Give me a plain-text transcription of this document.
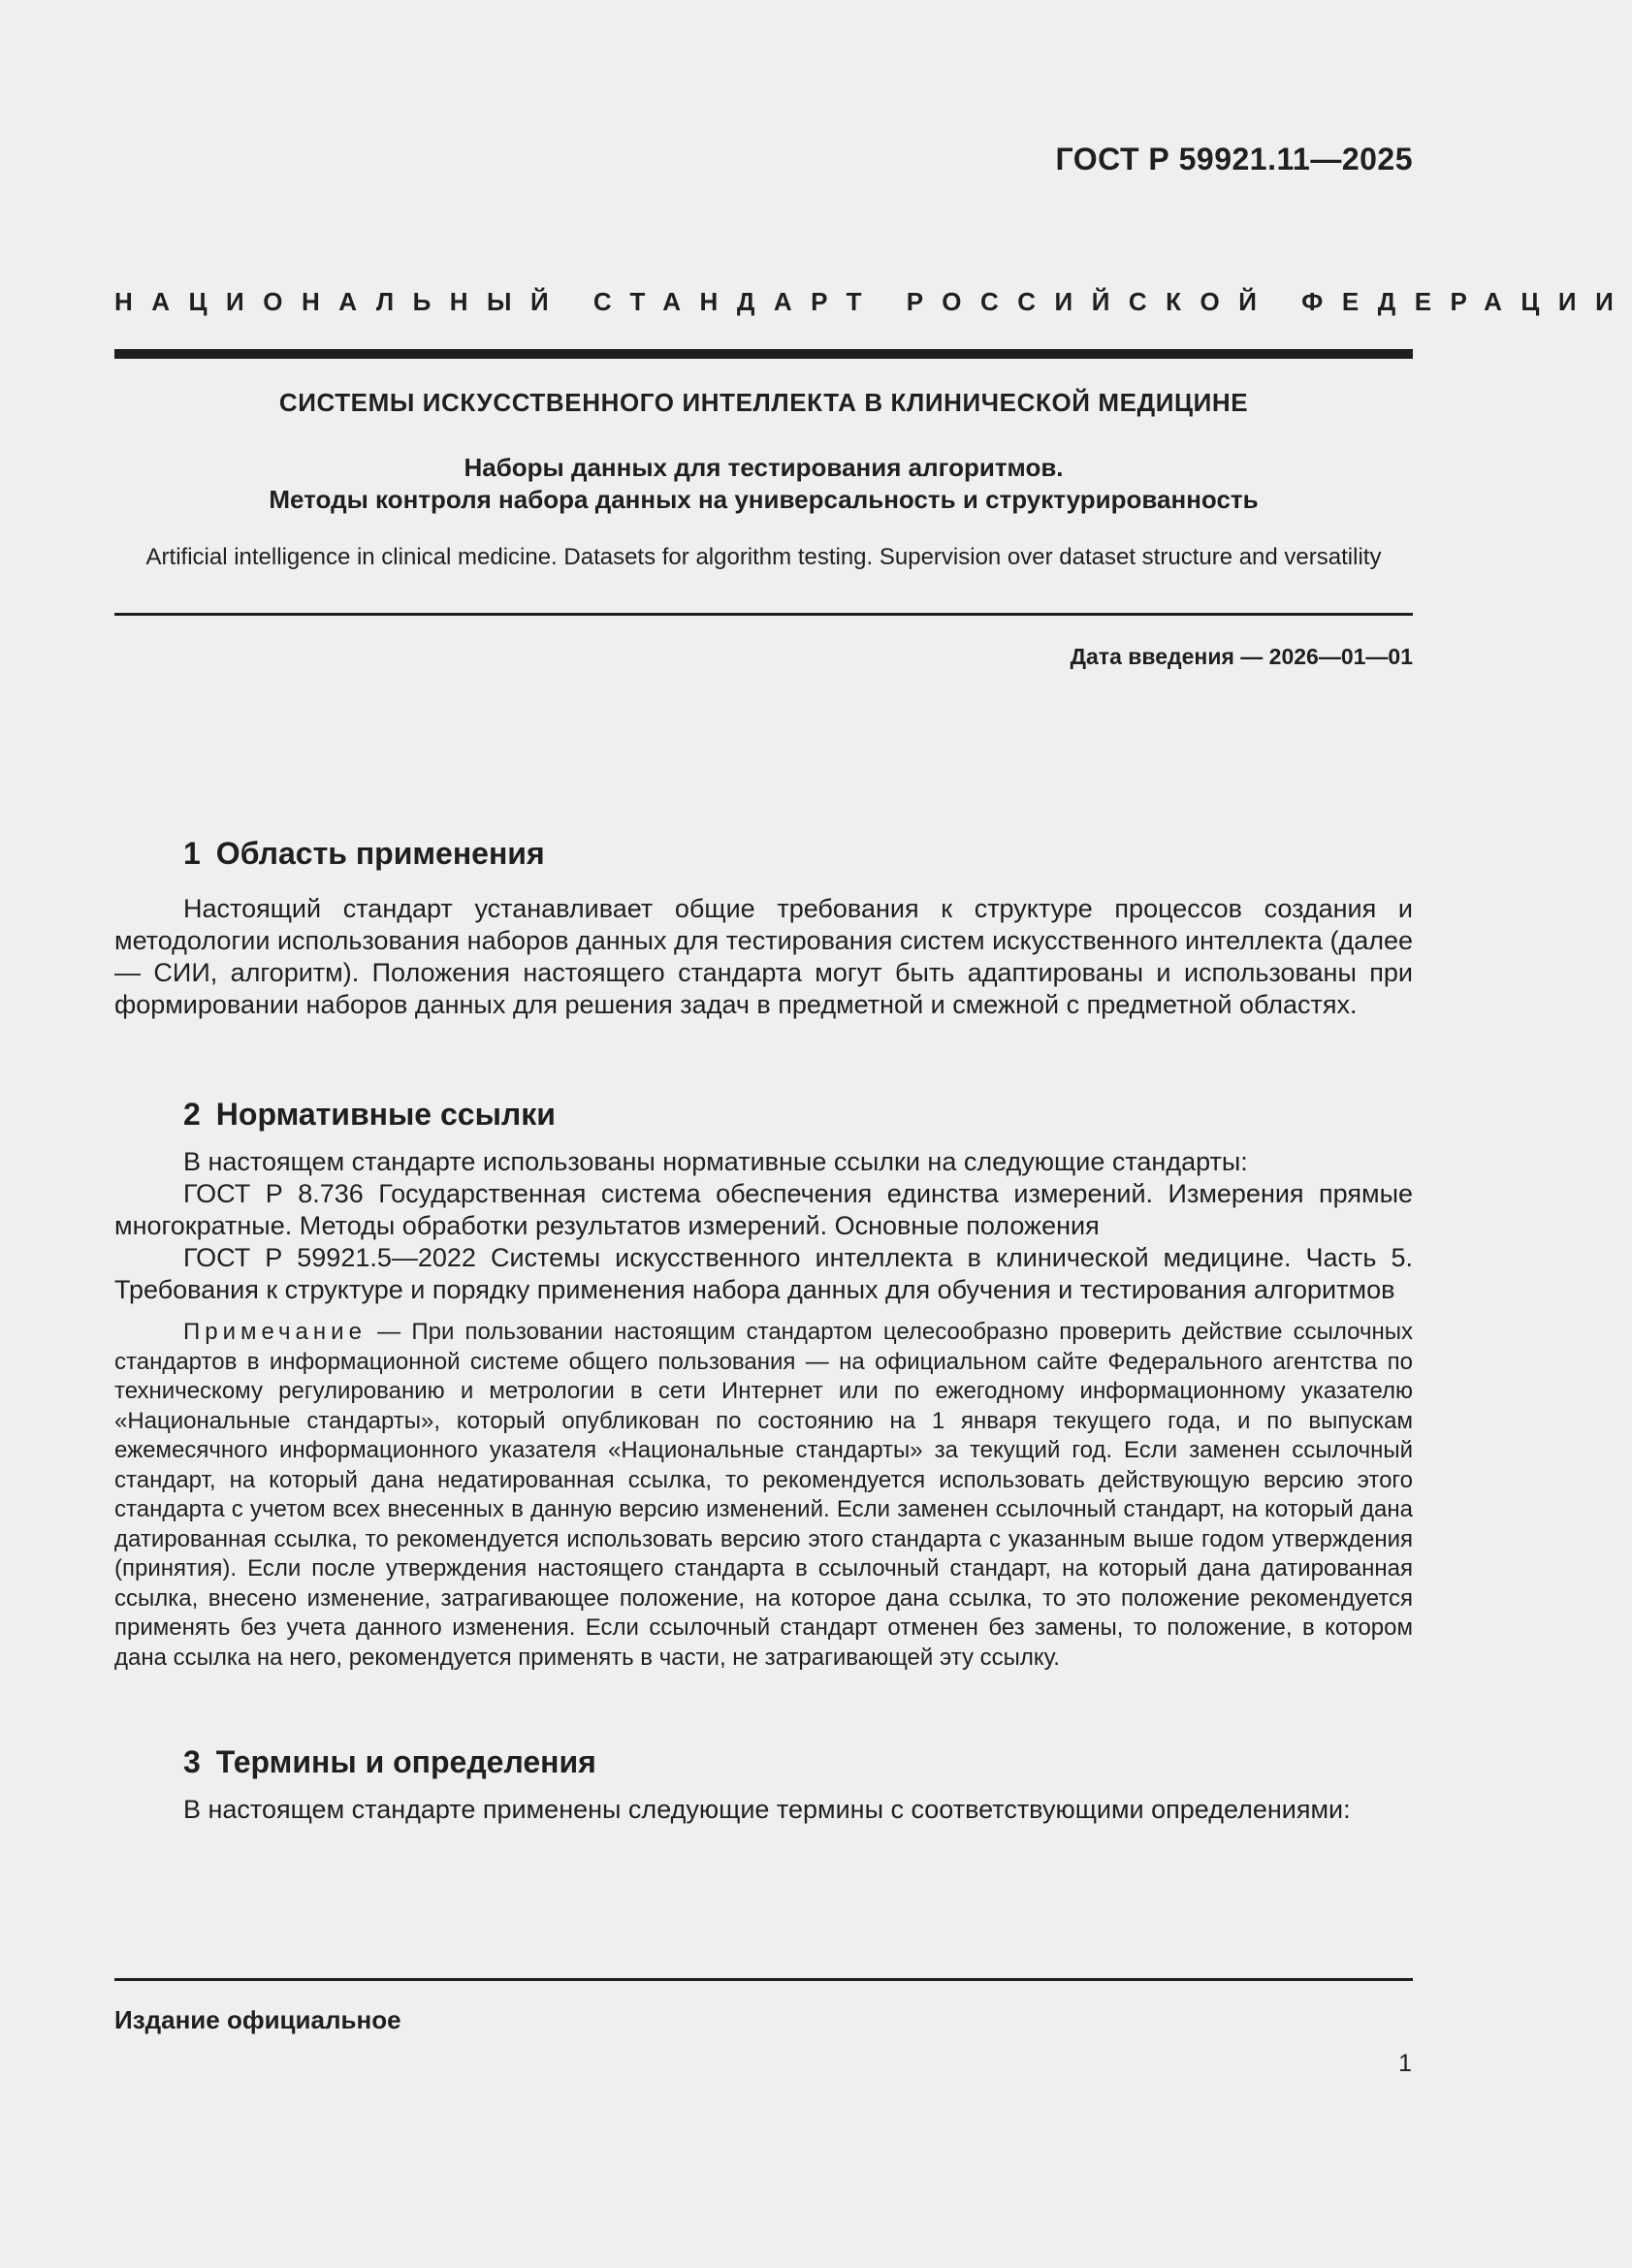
ГОСТ Р 59921.11—2025
НАЦИОНАЛЬНЫЙ СТАНДАРТ РОССИЙСКОЙ ФЕДЕРАЦИИ
СИСТЕМЫ ИСКУССТВЕННОГО ИНТЕЛЛЕКТА В КЛИНИЧЕСКОЙ МЕДИЦИНЕ
Наборы данных для тестирования алгоритмов.
Методы контроля набора данных на универсальность и структурированность
Artificial intelligence in clinical medicine. Datasets for algorithm testing. Supervision over dataset structure and versatility
Дата введения — 2026—01—01
1 Область применения

Настоящий стандарт устанавливает общие требования к структуре процессов создания и методологии использования наборов данных для тестирования систем искусственного интеллекта (далее — СИИ, алгоритм). Положения настоящего стандарта могут быть адаптированы и использованы при формировании наборов данных для решения задач в предметной и смежной с предметной областях.

2 Нормативные ссылки

В настоящем стандарте использованы нормативные ссылки на следующие стандарты:

ГОСТ Р 8.736 Государственная система обеспечения единства измерений. Измерения прямые многократные. Методы обработки результатов измерений. Основные положения

ГОСТ Р 59921.5—2022 Системы искусственного интеллекта в клинической медицине. Часть 5. Требования к структуре и порядку применения набора данных для обучения и тестирования алгоритмов

Примечание — При пользовании настоящим стандартом целесообразно проверить действие ссылочных стандартов в информационной системе общего пользования — на официальном сайте Федерального агентства по техническому регулированию и метрологии в сети Интернет или по ежегодному информационному указателю «Национальные стандарты», который опубликован по состоянию на 1 января текущего года, и по выпускам ежемесячного информационного указателя «Национальные стандарты» за текущий год. Если заменен ссылочный стандарт, на который дана недатированная ссылка, то рекомендуется использовать действующую версию этого стандарта с учетом всех внесенных в данную версию изменений. Если заменен ссылочный стандарт, на который дана датированная ссылка, то рекомендуется использовать версию этого стандарта с указанным выше годом утверждения (принятия). Если после утверждения настоящего стандарта в ссылочный стандарт, на который дана датированная ссылка, внесено изменение, затрагивающее положение, на которое дана ссылка, то это положение рекомендуется применять без учета данного изменения. Если ссылочный стандарт отменен без замены, то положение, в котором дана ссылка на него, рекомендуется применять в части, не затрагивающей эту ссылку.

3 Термины и определения

В настоящем стандарте применены следующие термины с соответствующими определениями:

Издание официальное
1
